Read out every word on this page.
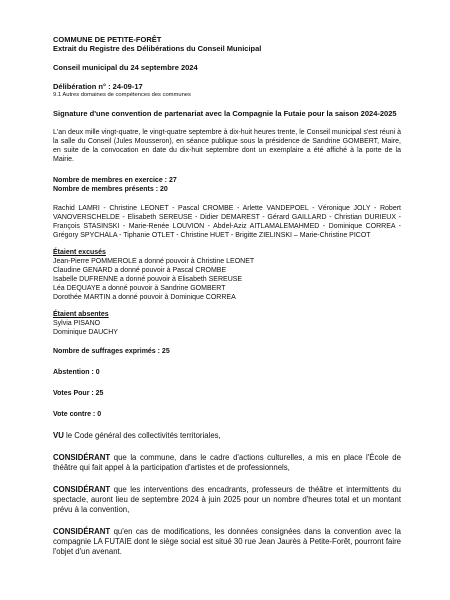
COMMUNE DE PETITE-FORÊT
Extrait du Registre des Délibérations du Conseil Municipal
Conseil municipal du 24 septembre 2024
Délibération n° : 24-09-17
9.1 Autres domaines de compétences des communes
Signature d'une convention de partenariat avec la Compagnie la Futaie pour la saison 2024-2025
L'an deux mille vingt-quatre, le vingt-quatre septembre à dix-huit heures trente, le Conseil municipal s'est réuni à la salle du Conseil (Jules Mousseron), en séance publique sous la présidence de Sandrine GOMBERT, Maire, en suite de la convocation en date du dix-huit septembre dont un exemplaire a été affiché à la porte de la Mairie.
Nombre de membres en exercice : 27
Nombre de membres présents : 20
Rachid LAMRI - Christine LEONET - Pascal CROMBE - Arlette VANDEPOEL - Véronique JOLY - Robert VANOVERSCHELDE - Elisabeth SEREUSE - Didier DEMAREST - Gérard GAILLARD - Christian DURIEUX - François STASINSKI - Marie-Renée LOUVION - Abdel-Aziz AITLAMALEMAHMED - Dominique CORREA - Grégory SPYCHALA - Tiphanie OTLET - Christine HUET - Brigitte ZIELINSKI – Marie-Christine PICOT
Étaient excusés
Jean-Pierre POMMEROLE a donné pouvoir à Christine LEONET
Claudine GENARD a donné pouvoir à Pascal CROMBE
Isabelle DUFRENNE a donné pouvoir à Elisabeth SEREUSE
Léa DEQUAYE a donné pouvoir à Sandrine GOMBERT
Dorothée MARTIN a donné pouvoir à Dominique CORREA
Étaient absentes
Sylvia PISANO
Dominique DAUCHY
Nombre de suffrages exprimés : 25
Abstention : 0
Votes Pour : 25
Vote contre : 0
VU le Code général des collectivités territoriales,
CONSIDÉRANT que la commune, dans le cadre d'actions culturelles, a mis en place l'École de théâtre qui fait appel à la participation d'artistes et de professionnels,
CONSIDÉRANT que les interventions des encadrants, professeurs de théâtre et intermittents du spectacle, auront lieu de septembre 2024 à juin 2025 pour un nombre d'heures total et un montant prévu à la convention,
CONSIDÉRANT qu'en cas de modifications, les données consignées dans la convention avec la compagnie LA FUTAIE dont le siège social est situé 30 rue Jean Jaurès à Petite-Forêt, pourront faire l'objet d'un avenant.
